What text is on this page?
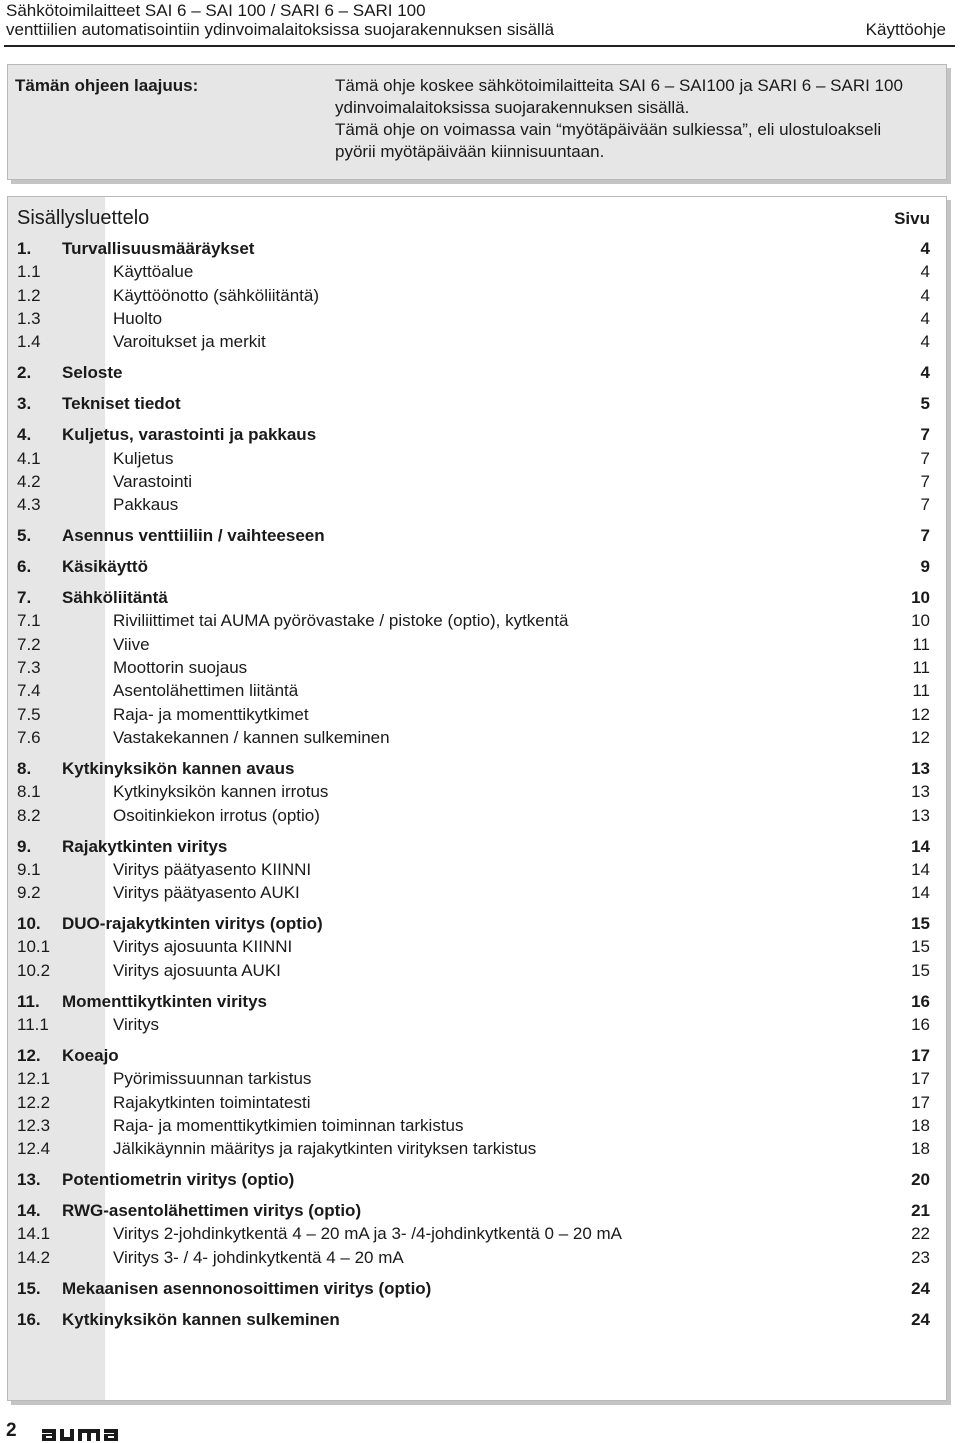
Sähkötoimilaitteet SAI 6 – SAI 100 / SARI 6 – SARI 100
venttiilien automatisointiin ydinvoimalaitoksissa suojarakennuksen sisällä	Käyttöohje
Tämän ohjeen laajuus:	Tämä ohje koskee sähkötoimilaitteita SAI 6 – SAI100 ja SARI 6 – SARI 100
ydinvoimalaitoksissa suojarakennuksen sisällä.
Tämä ohje on voimassa vain “myötäpäivään sulkiessa”, eli ulostuloakseli
pyörii myötäpäivään kiinnisuuntaan.
Sisällysluettelo	Sivu
1. Turvallisuusmääräykset	4
1.1	Käyttöalue	4
1.2	Käyttöönotto (sähköliitäntä)	4
1.3	Huolto	4
1.4	Varoitukset ja merkit	4
2. Seloste	4
3. Tekniset tiedot	5
4. Kuljetus, varastointi ja pakkaus	7
4.1	Kuljetus	7
4.2	Varastointi	7
4.3	Pakkaus	7
5. Asennus venttiiliin / vaihteeseen	7
6. Käsikäyttö	9
7. Sähköliitäntä	10
7.1	Riviliittimet tai AUMA pyörövastake / pistoke (optio), kytkentä	10
7.2	Viive	11
7.3	Moottorin suojaus	11
7.4	Asentolähettimen liitäntä	11
7.5	Raja- ja momenttikytkimet	12
7.6	Vastakekannen / kannen sulkeminen	12
8. Kytkinyksikön kannen avaus	13
8.1	Kytkinyksikön kannen irrotus	13
8.2	Osoitinkiekon irrotus (optio)	13
9. Rajakytkinten viritys	14
9.1	Viritys päätyasento KIINNI	14
9.2	Viritys päätyasento AUKI	14
10. DUO-rajakytkinten viritys (optio)	15
10.1	Viritys ajosuunta KIINNI	15
10.2	Viritys ajosuunta AUKI	15
11. Momenttikytkinten viritys	16
11.1	Viritys	16
12. Koeajo	17
12.1	Pyörimissuunnan tarkistus	17
12.2	Rajakytkinten toimintatesti	17
12.3	Raja- ja momenttikytkimien toiminnan tarkistus	18
12.4	Jälkikäynnin määritys ja rajakytkinten virityksen tarkistus	18
13. Potentiometrin viritys (optio)	20
14. RWG-asentolähettimen viritys (optio)	21
14.1	Viritys 2-johdinkytkentä 4 – 20 mA ja 3- /4-johdinkytkentä 0 – 20 mA	22
14.2	Viritys 3- / 4- johdinkytkentä 4 – 20 mA	23
15. Mekaanisen asennonosoittimen viritys (optio)	24
16. Kytkinyksikön kannen sulkeminen	24
2
